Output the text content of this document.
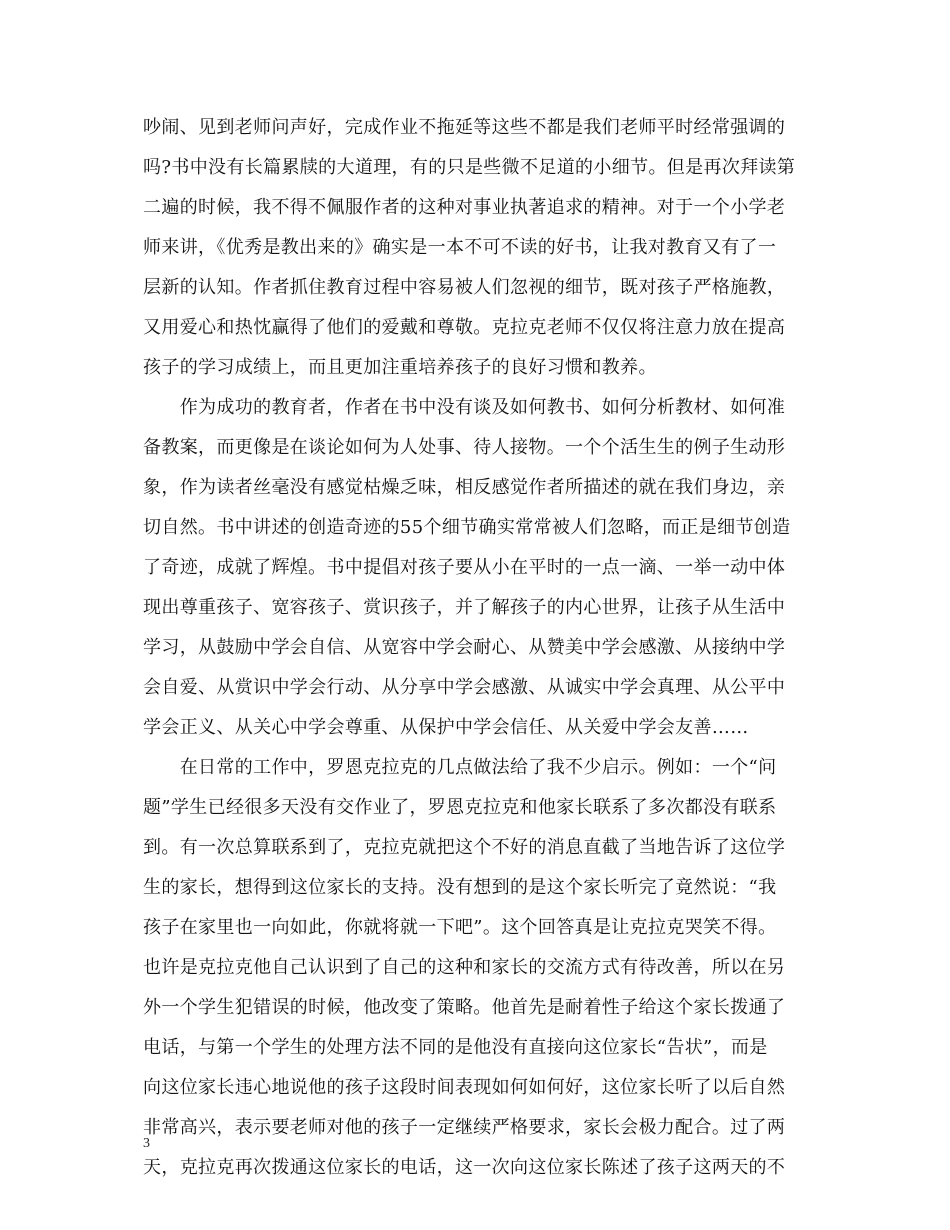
吵闹、见到老师问声好，完成作业不拖延等这些不都是我们老师平时经常强调的
吗?书中没有长篇累牍的大道理，有的只是些微不足道的小细节。但是再次拜读第
二遍的时候，我不得不佩服作者的这种对事业执著追求的精神。对于一个小学老
师来讲，《优秀是教出来的》确实是一本不可不读的好书，让我对教育又有了一
层新的认知。作者抓住教育过程中容易被人们忽视的细节，既对孩子严格施教，
又用爱心和热忱赢得了他们的爱戴和尊敬。克拉克老师不仅仅将注意力放在提高
孩子的学习成绩上，而且更加注重培养孩子的良好习惯和教养。
　　作为成功的教育者，作者在书中没有谈及如何教书、如何分析教材、如何准
备教案，而更像是在谈论如何为人处事、待人接物。一个个活生生的例子生动形
象，作为读者丝毫没有感觉枯燥乏味，相反感觉作者所描述的就在我们身边，亲
切自然。书中讲述的创造奇迹的55个细节确实常常被人们忽略，而正是细节创造
了奇迹，成就了辉煌。书中提倡对孩子要从小在平时的一点一滴、一举一动中体
现出尊重孩子、宽容孩子、赏识孩子，并了解孩子的内心世界，让孩子从生活中
学习，从鼓励中学会自信、从宽容中学会耐心、从赞美中学会感激、从接纳中学
会自爱、从赏识中学会行动、从分享中学会感激、从诚实中学会真理、从公平中
学会正义、从关心中学会尊重、从保护中学会信任、从关爱中学会友善……
　　在日常的工作中，罗恩克拉克的几点做法给了我不少启示。例如：一个“问
题”学生已经很多天没有交作业了，罗恩克拉克和他家长联系了多次都没有联系
到。有一次总算联系到了，克拉克就把这个不好的消息直截了当地告诉了这位学
生的家长，想得到这位家长的支持。没有想到的是这个家长听完了竟然说：“我
孩子在家里也一向如此，你就将就一下吧”。这个回答真是让克拉克哭笑不得。
也许是克拉克他自己认识到了自己的这种和家长的交流方式有待改善，所以在另
外一个学生犯错误的时候，他改变了策略。他首先是耐着性子给这个家长拨通了
电话，与第一个学生的处理方法不同的是他没有直接向这位家长“告状”，而是
向这位家长违心地说他的孩子这段时间表现如何如何好，这位家长听了以后自然
非常高兴，表示要老师对他的孩子一定继续严格要求，家长会极力配合。过了两
天，克拉克再次拨通这位家长的电话，这一次向这位家长陈述了孩子这两天的不
3
